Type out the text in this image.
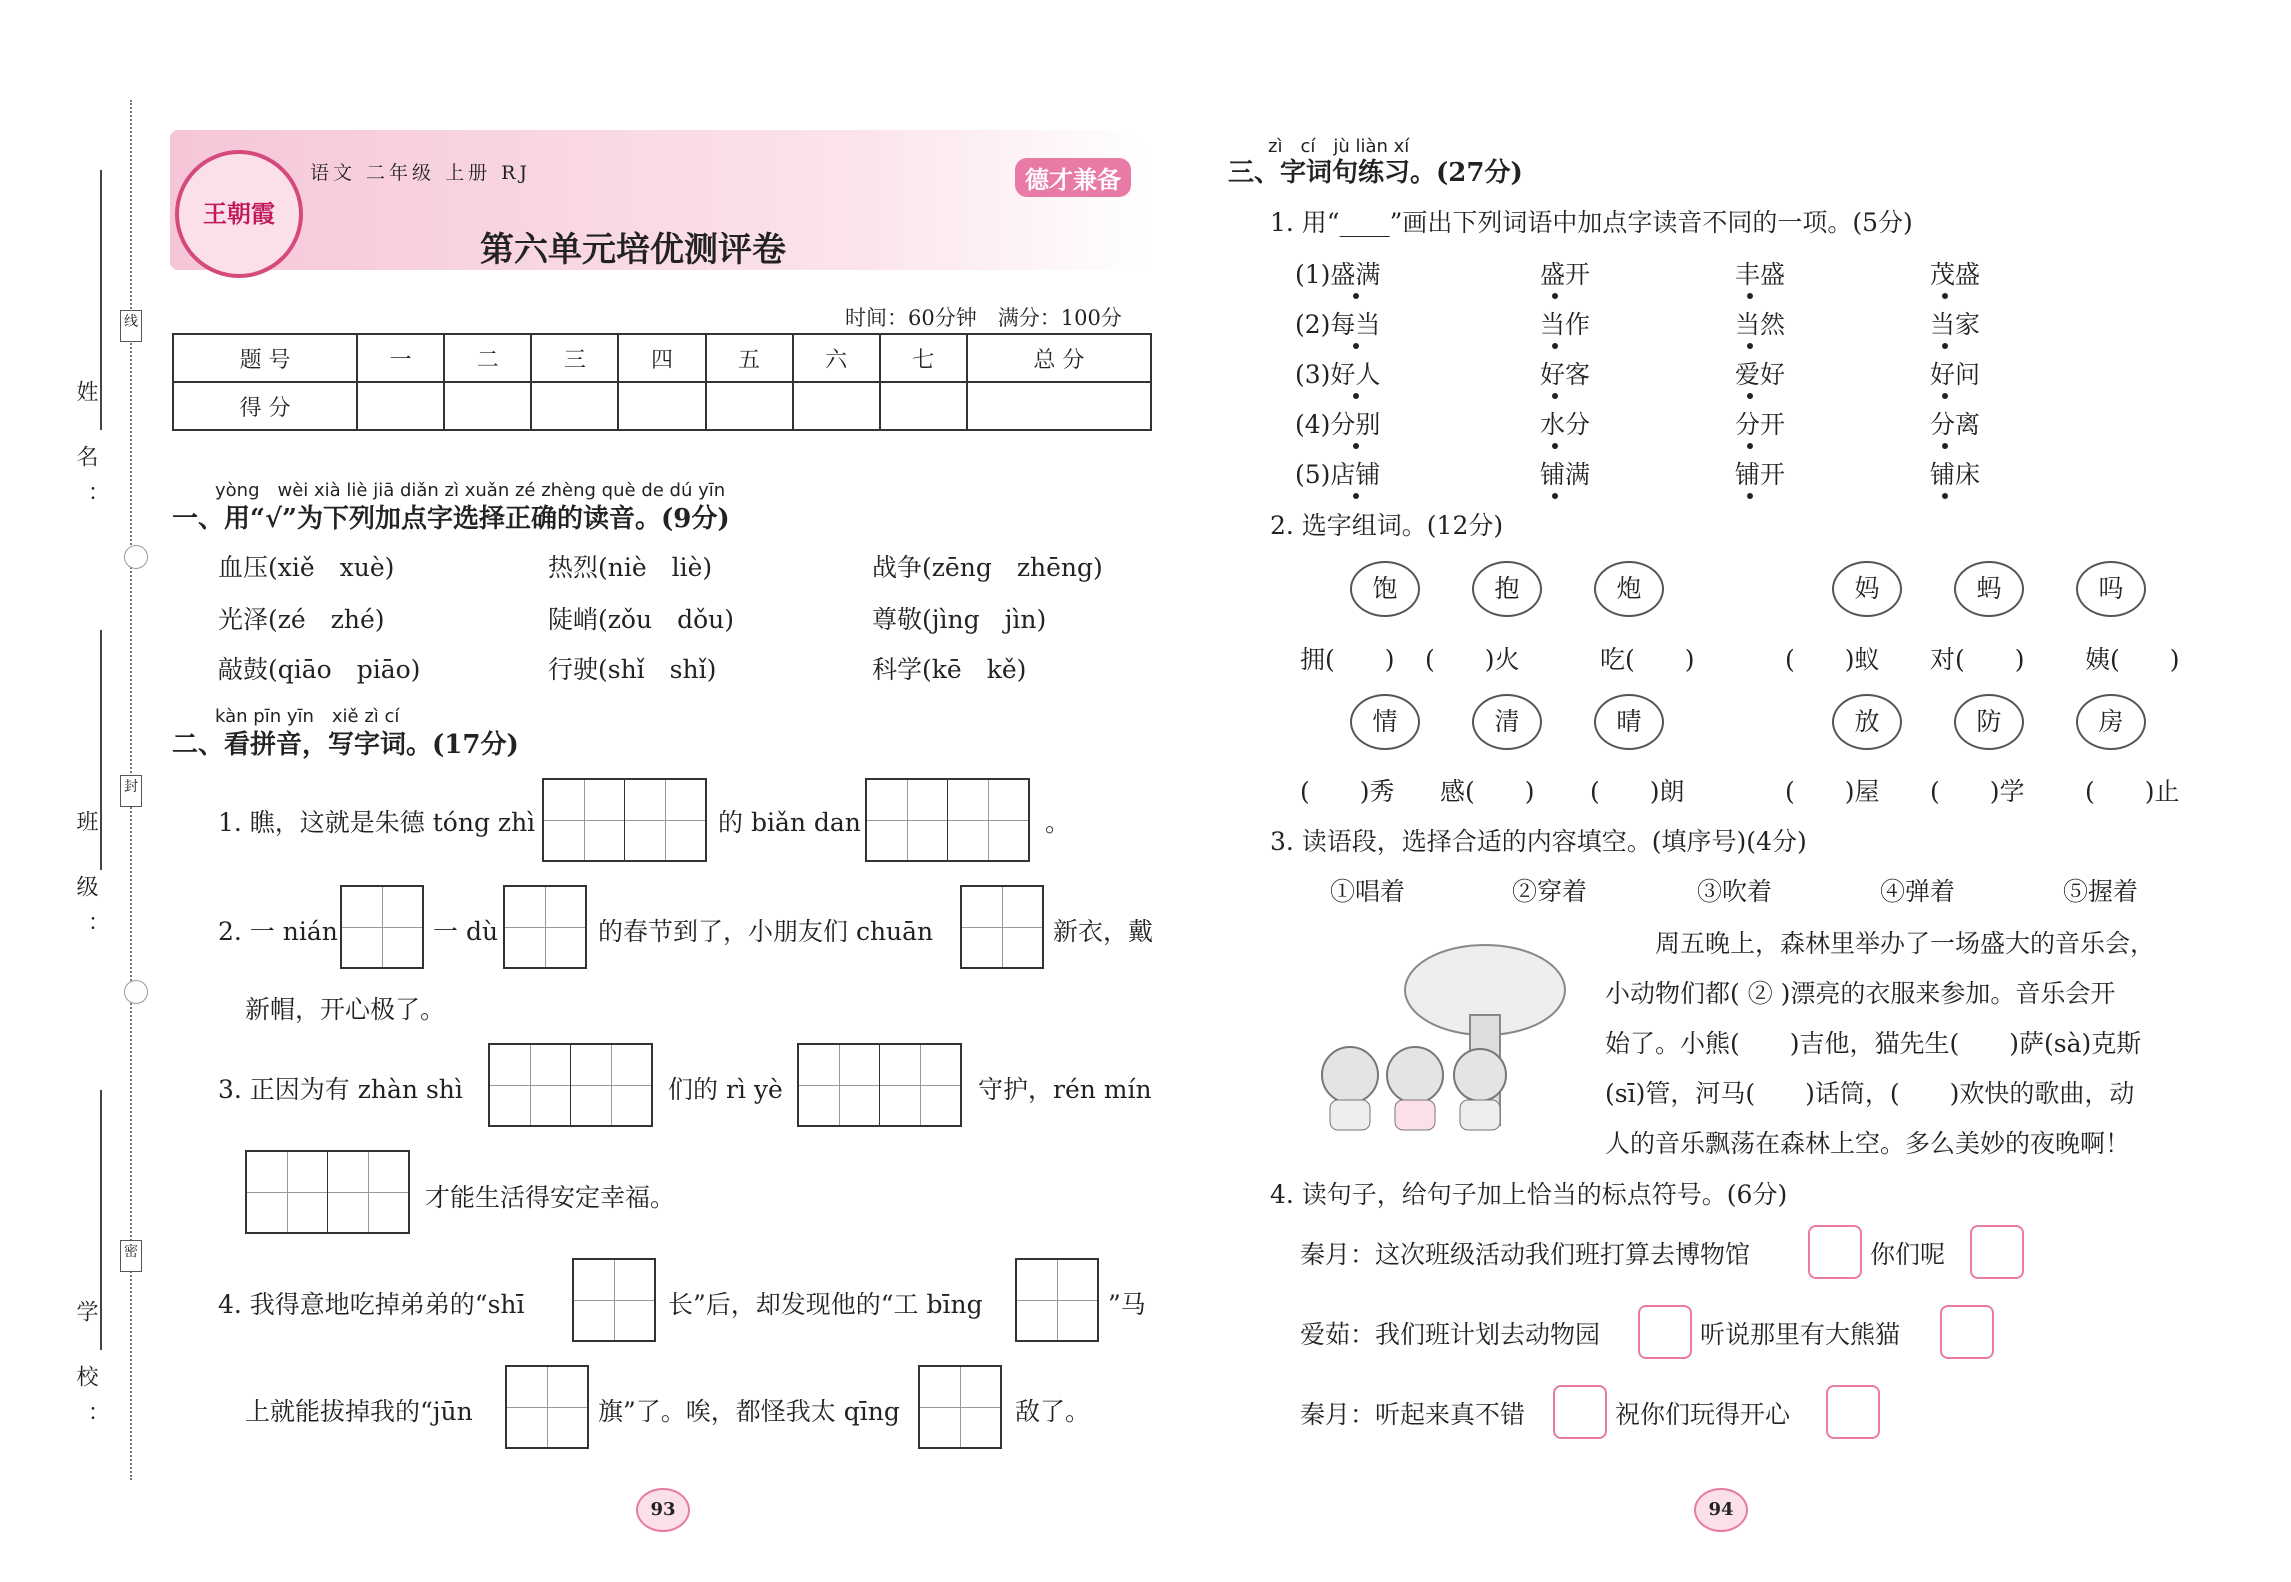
姓 名：
班 级：
学 校：
线
封
密
王朝霞
语文 二年级 上册 RJ	德才兼备
第六单元培优测评卷
时间：60分钟　满分：100分
题 号	一	二	三	四	五	六	七	总 分
得 分								
yòng　wèi xià liè jiā diǎn zì xuǎn zé zhèng què de dú yīn
一、用“√”为下列加点字选择正确的读音。(9分)
血压(xiě　xuè)	热烈(niè　liè)	战争(zēng　zhēng)
光泽(zé　zhé)	陡峭(zǒu　dǒu)	尊敬(jìng　jìn)
敲鼓(qiāo　piāo)	行驶(shǐ　shǐ)	科学(kē　kě)
kàn pīn yīn　xiě zì cí
二、看拼音，写字词。(17分)
1. 瞧，这就是朱德 tóng zhì	的 biǎn dan	。
2. 一 nián	一 dù	的春节到了，小朋友们 chuān	新衣，戴
新帽，开心极了。
3. 正因为有 zhàn shì	们的 rì yè	守护，rén mín
才能生活得安定幸福。
4. 我得意地吃掉弟弟的“shī	长”后，却发现他的“工 bīng	”马
上就能拔掉我的“jūn	旗”了。唉，都怪我太 qīng	敌了。
93
zì　cí　jù liàn xí
三、字词句练习。(27分)
1. 用“____”画出下列词语中加点字读音不同的一项。(5分)
(1)盛满	盛开	丰盛	茂盛
(2)每当	当作	当然	当家
(3)好人	好客	爱好	好问
(4)分别	水分	分开	分离
(5)店铺	铺满	铺开	铺床
2. 选字组词。(12分)
饱	抱	炮	妈	蚂	吗
拥(　　) (　　)火	吃(　　)	(　　)蚁 对(　　) 姨(　　)
情	清	晴	放	防	房
(　　)秀 感(　　) (　　)朗	(　　)屋 (　　)学 (　　)止
3. 读语段，选择合适的内容填空。(填序号)(4分)
①唱着	②穿着	③吹着	④弹着	⑤握着
周五晚上，森林里举办了一场盛大的音乐会，
小动物们都( ② )漂亮的衣服来参加。音乐会开
始了。小熊(　　)吉他，猫先生(　　)萨(sà)克斯
(sī)管，河马(　　)话筒，(　　)欢快的歌曲，动
人的音乐飘荡在森林上空。多么美妙的夜晚啊！
4. 读句子，给句子加上恰当的标点符号。(6分)
秦月：这次班级活动我们班打算去博物馆	你们呢
爱茹：我们班计划去动物园	听说那里有大熊猫
秦月：听起来真不错	祝你们玩得开心
94
